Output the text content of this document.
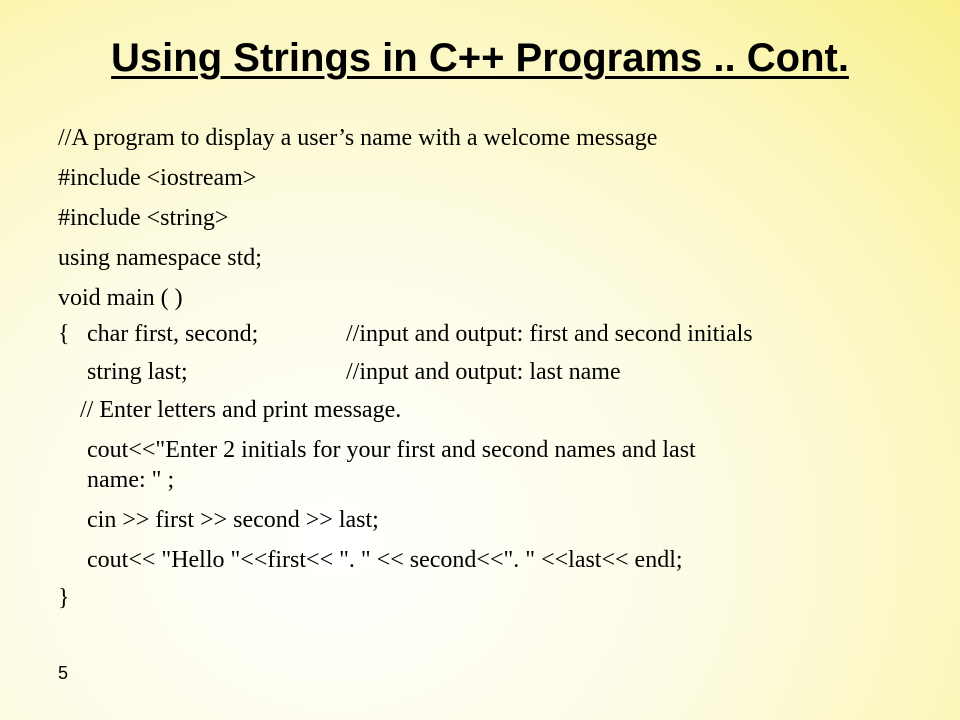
Using Strings in C++ Programs .. Cont.
//A program to display a user’s name with a welcome message
#include <iostream>
#include <string>
using namespace std;
void main ( )
{ char first, second;	//input and output: first and second initials
string last;	//input and output: last name
// Enter letters and print message.
cout<<"Enter 2 initials for your first and second names and last
name: " ;
cin >> first >> second >> last;
cout<< "Hello "<<first<< ". " << second<<". " <<last<< endl;
}
5
